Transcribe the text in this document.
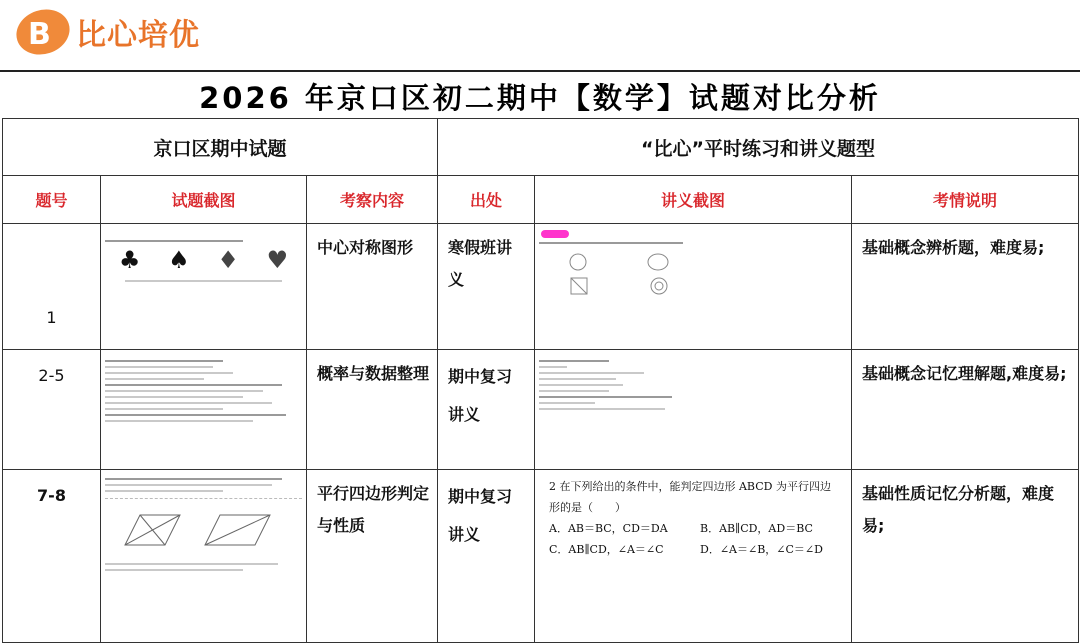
B 比心培优
2026 年京口区初二期中【数学】试题对比分析
京口区期中试题			“比心”平时练习和讲义题型		
题号	试题截图	考察内容	出处	讲义截图	考情说明
1	♣ ♠ ♦ ♥	中心对称图形	寒假班讲义		基础概念辨析题，难度易;
2-5		概率与数据整理	期中复习讲义		基础概念记忆理解题,难度易;
7-8		平行四边形判定与性质	期中复习讲义	2 在下列给出的条件中，能判定四边形 ABCD 为平行四边形的是（　　）
A．AB＝BC，CD＝DA B．AB∥CD，AD＝BC
C．AB∥CD，∠A＝∠C D．∠A＝∠B，∠C＝∠D	基础性质记忆分析题，难度易;
